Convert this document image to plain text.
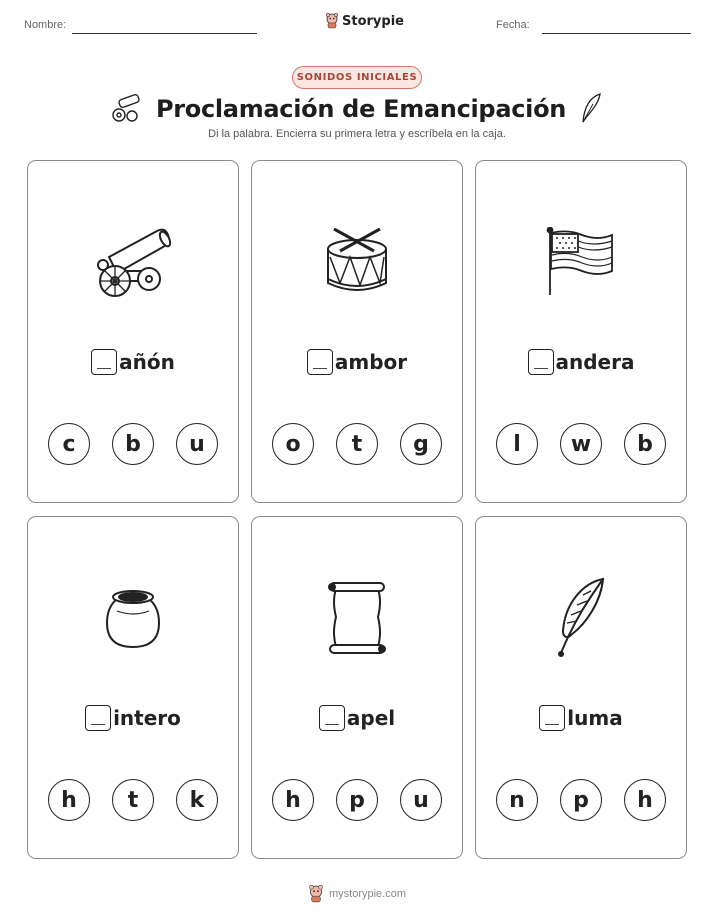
Nombre:	Storypie	Fecha:
SONIDOS INICIALES
Proclamación de Emancipación
Di la palabra. Encierra su primera letra y escríbela en la caja.
añón
c	b	u
ambor
o	t	g
andera
l	w	b
intero
h	t	k
apel
h	p	u
luma
n	p	h
mystorypie.com
